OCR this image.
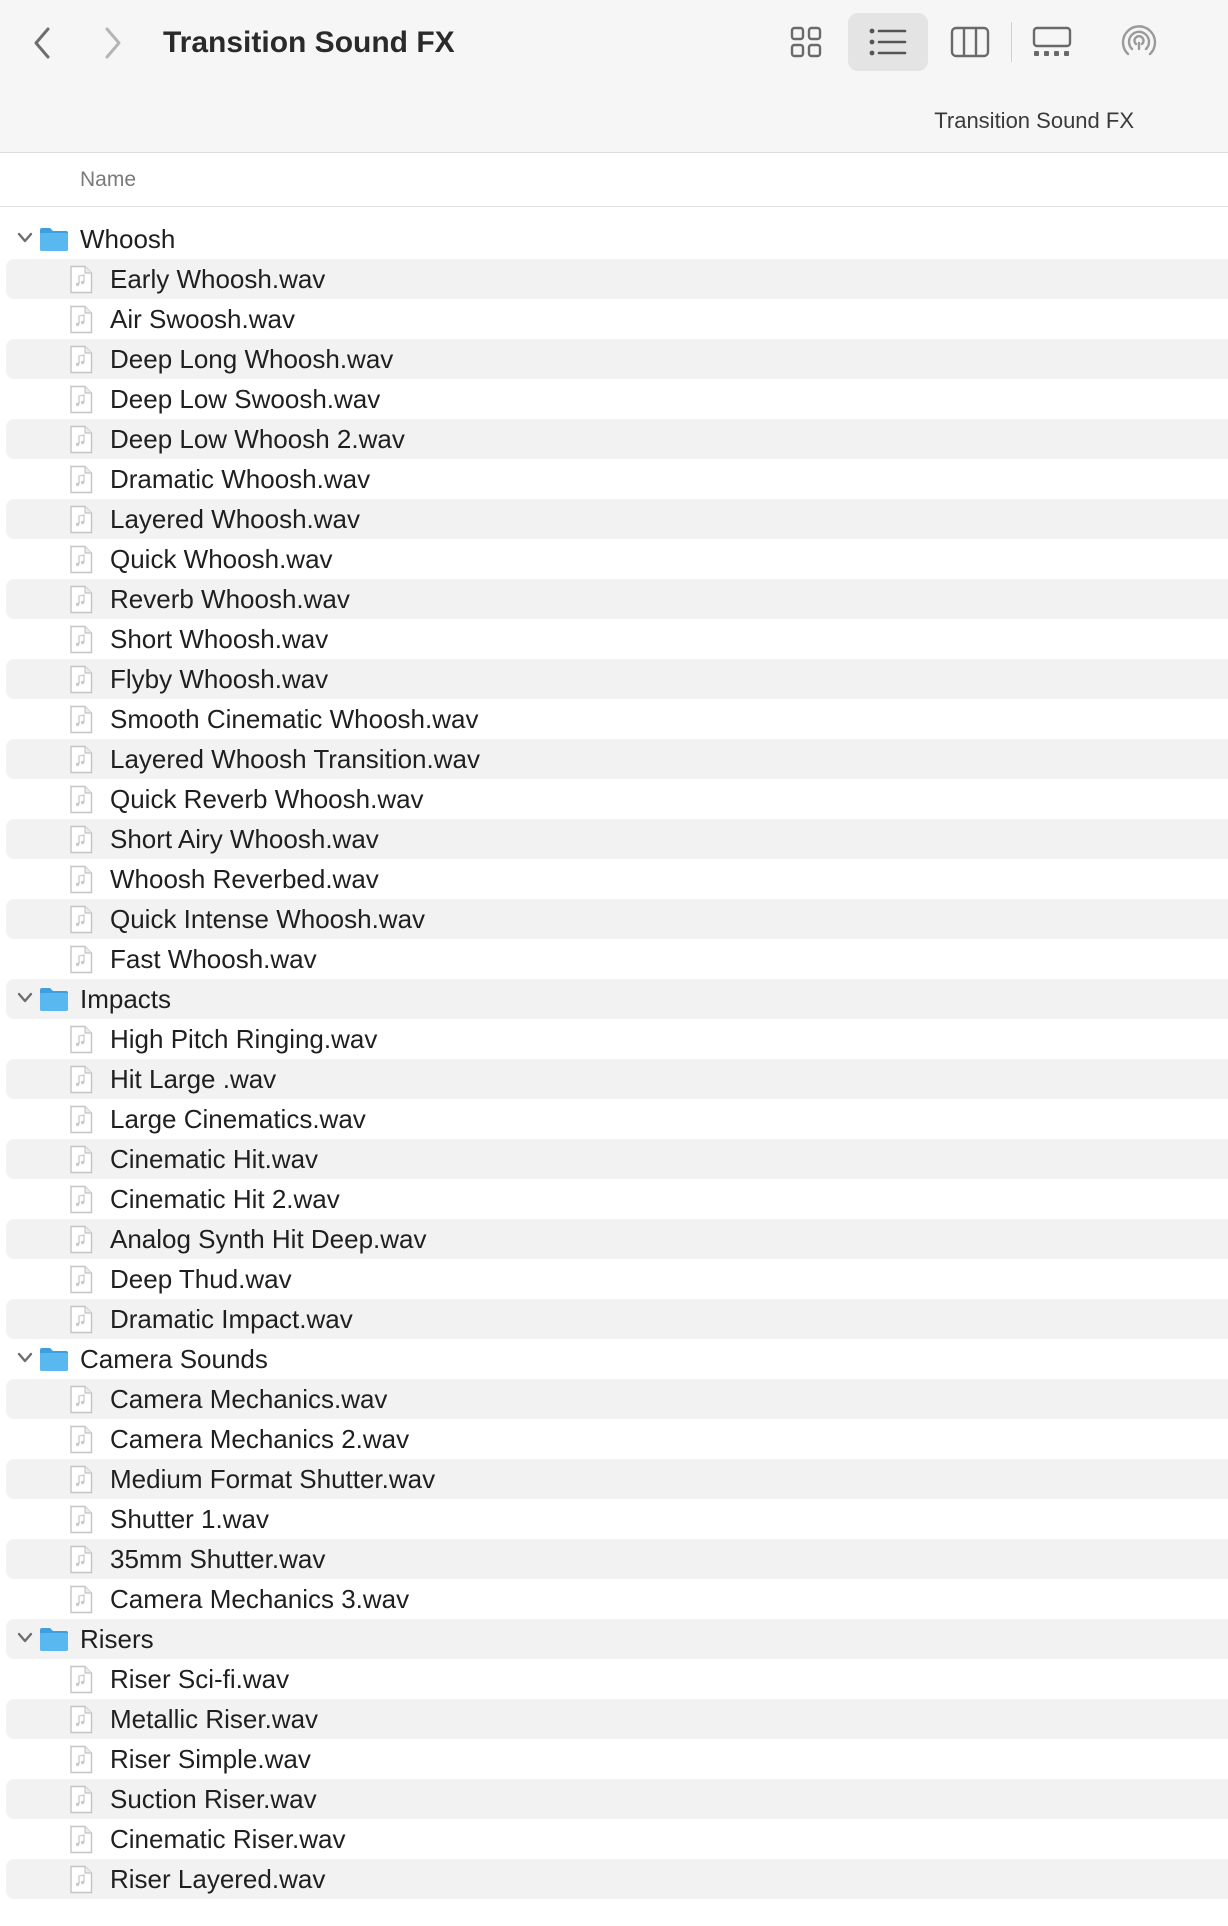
Transition Sound FX
Transition Sound FX
Name
Whoosh
Early Whoosh.wav
Air Swoosh.wav
Deep Long Whoosh.wav
Deep Low Swoosh.wav
Deep Low Whoosh 2.wav
Dramatic Whoosh.wav
Layered Whoosh.wav
Quick Whoosh.wav
Reverb Whoosh.wav
Short Whoosh.wav
Flyby Whoosh.wav
Smooth Cinematic Whoosh.wav
Layered Whoosh Transition.wav
Quick Reverb Whoosh.wav
Short Airy Whoosh.wav
Whoosh Reverbed.wav
Quick Intense Whoosh.wav
Fast Whoosh.wav
Impacts
High Pitch Ringing.wav
Hit Large .wav
Large Cinematics.wav
Cinematic Hit.wav
Cinematic Hit 2.wav
Analog Synth Hit Deep.wav
Deep Thud.wav
Dramatic Impact.wav
Camera Sounds
Camera Mechanics.wav
Camera Mechanics 2.wav
Medium Format Shutter.wav
Shutter 1.wav
35mm Shutter.wav
Camera Mechanics 3.wav
Risers
Riser Sci-fi.wav
Metallic Riser.wav
Riser Simple.wav
Suction Riser.wav
Cinematic Riser.wav
Riser Layered.wav
